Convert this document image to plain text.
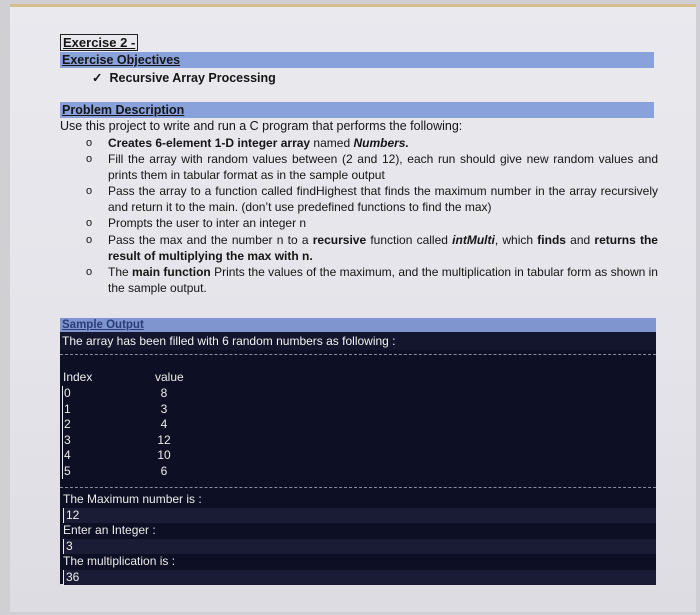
Exercise 2 -
Exercise Objectives
✓ Recursive Array Processing
Problem Description
Use this project to write and run a C program that performs the following:
o Creates 6-element 1-D integer array named Numbers.
o Fill the array with random values between (2 and 12), each run should give new random values and prints them in tabular format as in the sample output
o Pass the array to a function called findHighest that finds the maximum number in the array recursively and return it to the main. (don’t use predefined functions to find the max)
o Prompts the user to inter an integer n
o Pass the max and the number n to a recursive function called intMulti, which finds and returns the result of multiplying the max with n.
o The main function Prints the values of the maximum, and the multiplication in tabular form as shown in the sample output.
Sample Output
The array has been filled with 6 random numbers as following :
Index	value
0
1
2
3
4
5
8
3
4
12
10
6
The Maximum number is :
12
Enter an Integer :
3
The multiplication is :
36
